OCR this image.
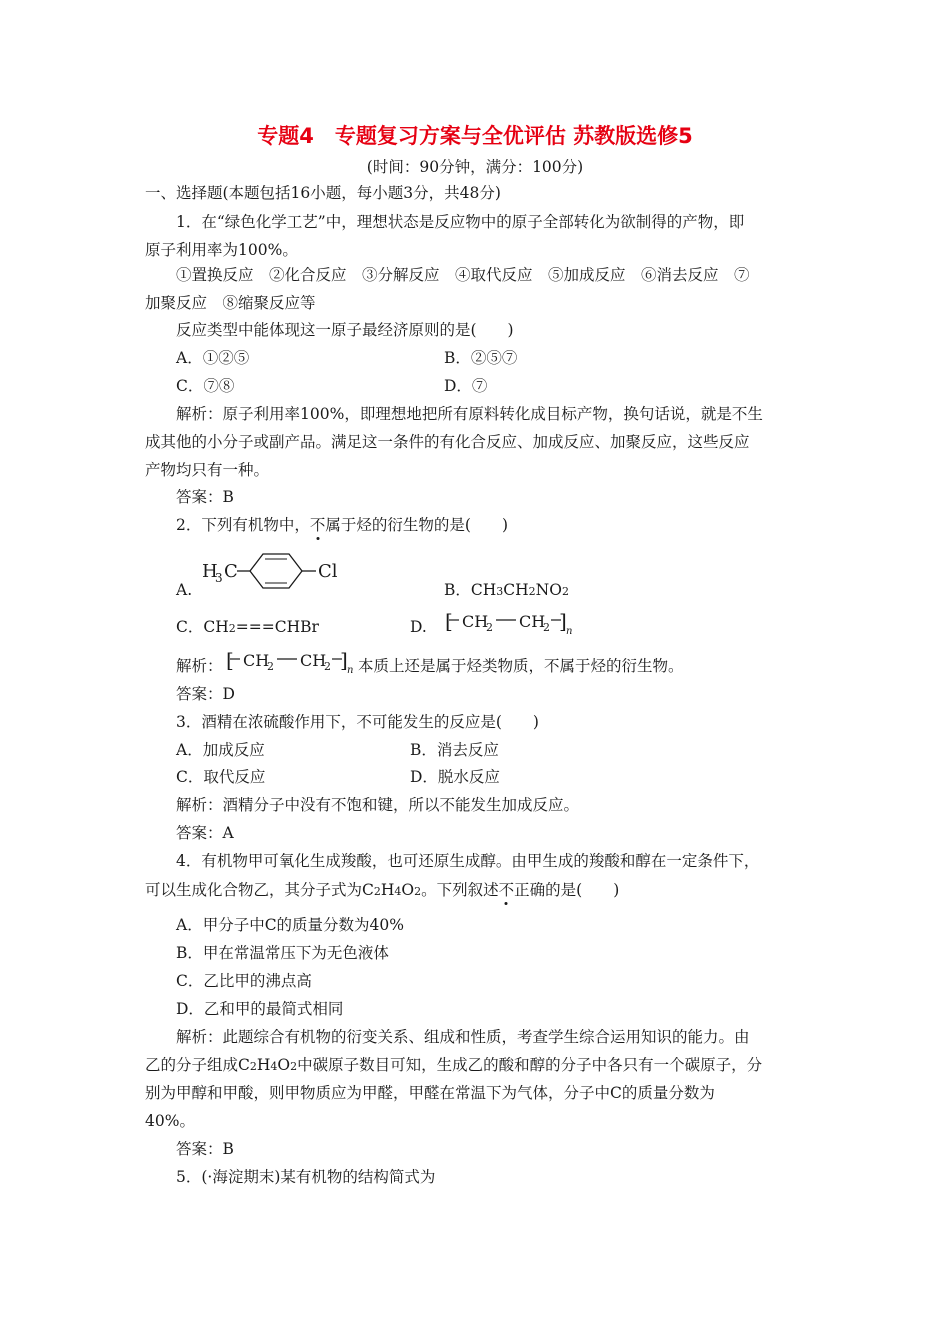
专题4　专题复习方案与全优评估 苏教版选修5
(时间：90分钟，满分：100分)
一、选择题(本题包括16小题，每小题3分，共48分)
1．在“绿色化学工艺”中，理想状态是反应物中的原子全部转化为欲制得的产物，即
原子利用率为100%。
①置换反应　②化合反应　③分解反应　④取代反应　⑤加成反应　⑥消去反应　⑦
加聚反应　⑧缩聚反应等
反应类型中能体现这一原子最经济原则的是(　　)
A．①②⑤	B．②⑤⑦
C．⑦⑧	D．⑦
解析：原子利用率100%，即理想地把所有原料转化成目标产物，换句话说，就是不生
成其他的小分子或副产品。满足这一条件的有化合反应、加成反应、加聚反应，这些反应
产物均只有一种。
答案：B
2．下列有机物中，不属于烃的衍生物的是(　　)
A.
H
3 C	Cl
B．CH3CH2NO2
C．CH2===CHBr	D. [ CH
2 CH
2 ] n
解析： [ CH
2 CH
2 ] n 本质上还是属于烃类物质，不属于烃的衍生物。
答案：D
3．酒精在浓硫酸作用下，不可能发生的反应是(　　)
A．加成反应	B．消去反应
C．取代反应	D．脱水反应
解析：酒精分子中没有不饱和键，所以不能发生加成反应。
答案：A
4．有机物甲可氧化生成羧酸，也可还原生成醇。由甲生成的羧酸和醇在一定条件下，
可以生成化合物乙，其分子式为C2H4O2。下列叙述不正确的是(　　)
A．甲分子中C的质量分数为40%
B．甲在常温常压下为无色液体
C．乙比甲的沸点高
D．乙和甲的最简式相同
解析：此题综合有机物的衍变关系、组成和性质，考查学生综合运用知识的能力。由
乙的分子组成C2H4O2中碳原子数目可知，生成乙的酸和醇的分子中各只有一个碳原子，分
别为甲醇和甲酸，则甲物质应为甲醛，甲醛在常温下为气体，分子中C的质量分数为
40%。
答案：B
5．(·海淀期末)某有机物的结构简式为
